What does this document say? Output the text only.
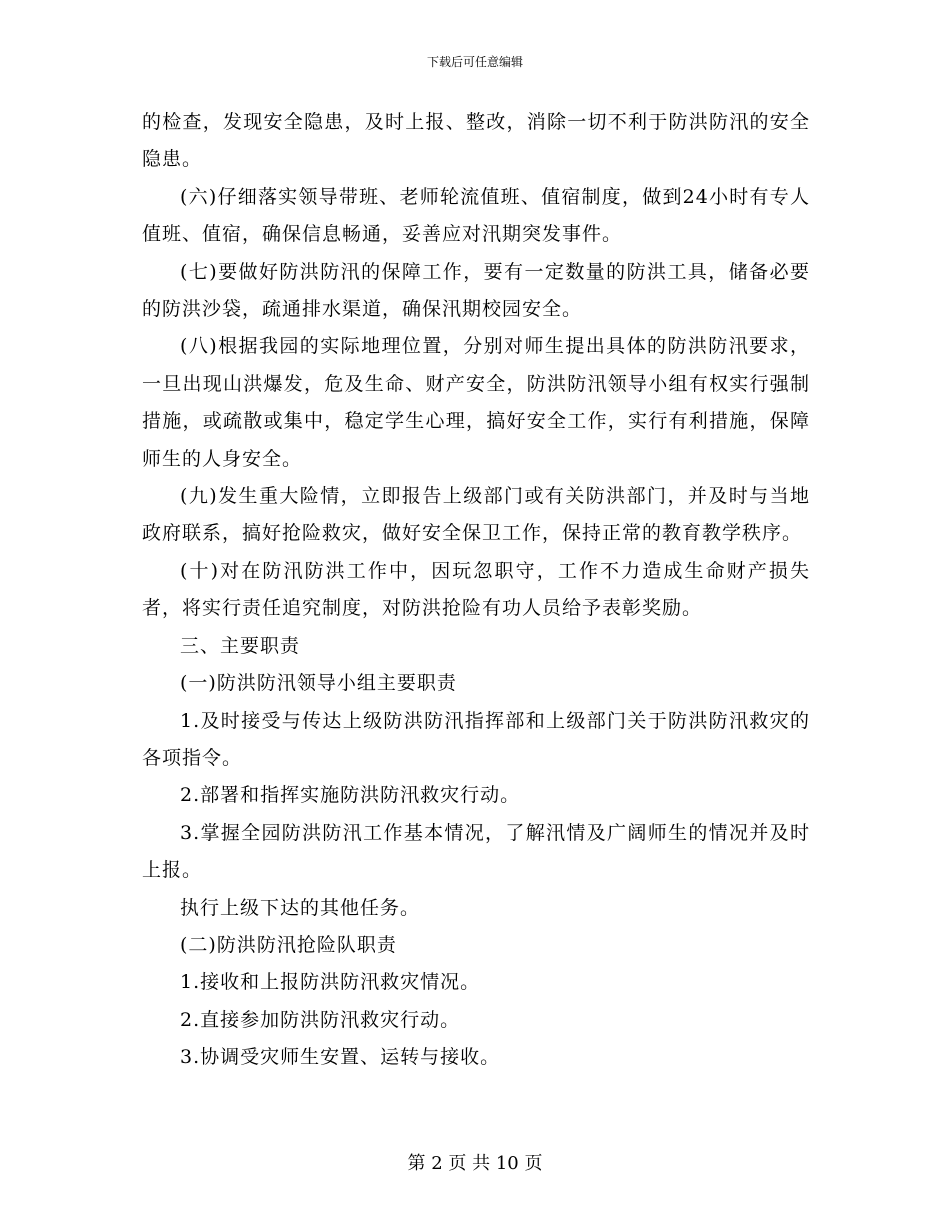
下载后可任意编辑

的检查，发现安全隐患，及时上报、整改，消除一切不利于防洪防汛的安全隐患。

(六)仔细落实领导带班、老师轮流值班、值宿制度，做到24小时有专人值班、值宿，确保信息畅通，妥善应对汛期突发事件。

(七)要做好防洪防汛的保障工作，要有一定数量的防洪工具，储备必要的防洪沙袋，疏通排水渠道，确保汛期校园安全。

(八)根据我园的实际地理位置，分别对师生提出具体的防洪防汛要求，一旦出现山洪爆发，危及生命、财产安全，防洪防汛领导小组有权实行强制措施，或疏散或集中，稳定学生心理，搞好安全工作，实行有利措施，保障师生的人身安全。

(九)发生重大险情，立即报告上级部门或有关防洪部门，并及时与当地政府联系，搞好抢险救灾，做好安全保卫工作，保持正常的教育教学秩序。

(十)对在防汛防洪工作中，因玩忽职守，工作不力造成生命财产损失者，将实行责任追究制度，对防洪抢险有功人员给予表彰奖励。

三、主要职责

(一)防洪防汛领导小组主要职责

1.及时接受与传达上级防洪防汛指挥部和上级部门关于防洪防汛救灾的各项指令。

2.部署和指挥实施防洪防汛救灾行动。

3.掌握全园防洪防汛工作基本情况，了解汛情及广阔师生的情况并及时上报。

执行上级下达的其他任务。

(二)防洪防汛抢险队职责

1.接收和上报防洪防汛救灾情况。

2.直接参加防洪防汛救灾行动。

3.协调受灾师生安置、运转与接收。

第 2 页 共 10 页
